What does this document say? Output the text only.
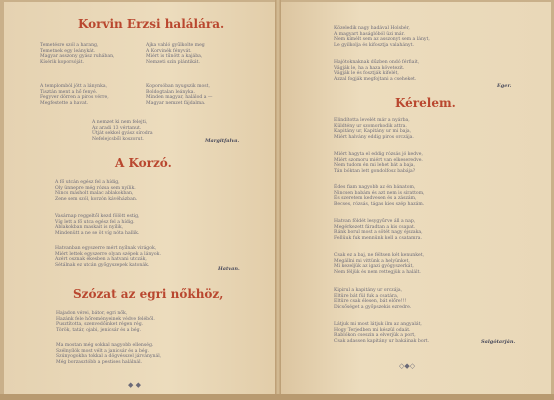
Korvin Erzsi halálára.

Temetésre szól a harang,
Temetnek egy leánykát.
Magyar asszony gyász ruhában,
Kísérik koporsóját.

Ajka vahló gyűlkolte meg
A Korvinék fényvát.
Miért is tűnött a kajába,
Nemzeti szín plántikát.

A templomból jött a lánynka,
Tisztán ment a hő fenyé.
Fegyver dörren a piros vérre,
Megfestette a havat.

Koporsóban nyugszik most,
Boldogtalan leányka.
Minden magyar, halálod a —
Magyar nemzet fájdalma.

A nemzet ki nem felejti,
Az aradi 13 vértanut.
Útját sekkel gyász sírodra
Nefelejcsből koszorut.	Margitfalva.

A Korzó.

A fő utcán egész fel a hídig,
Oly ünnepre még rózsa sem nyílik.
Nincs másholt malac ablakokban,
Zene sem szól, korzón kávéházban.

Vasárnap reggeltől kezd fölött estig,
Víg lett a fő utca egész fel a hídig.
Ablakokban maskait is nyílik,
Mindenütt a ne se öt víg nóta hallik.

Hatvanban egyszerre mért nyílnak virágok,
Miért lettek egyszerre olyan szépek a lányok.
Azért osznak ékesben a hatvani utczák,
Sétálnak ez utcán győgyszepek katonák.

Hatvan.

Szózat az egri nőkhöz,

Hajadon vérei, bátor, egri nők,
Hazánk fele hőreményeinek védve feléből.
Pusztította, szenvedőinket régen rég.
Török, tatár, ojabi, jenicsár és a bég.

Ma mostan még sokkal nagyobb ellenség.
Szélnyílók most vélt a janicsár és a bég.
Szúnyogokba tokkal a dögvésszel járványnál,
Még borzasztóbb a pestises halálnál.

◆ ◆

Közeledik nagy hadával Holsbér,
A magyart haságlóból üzi már.
Nem kímélt sem az asszonyt sem a lányt,
Le gyilkolja és kifosztja valahányt.

Hajótoknaknak dűzben ondó férfiait,
Vágják le, ha a haza követezit.
Vágják le és fosztják kifelét,
Azzal fogják megfojtani a cseheket.

Eger.

Kérelem.

Elindította levelét már a nyárba,
Küldtény ur szomorkodik attra.
Kapitány ur, Kapitány ur mi baja,
Miért halvány eddig piros orczája.

Miért hagyta el eddig rózsás jó kedve,
Miért szomoru miért van elkeseredve.
Nem tudom én mi lehet bát a baja,
Tán bóktan lett gondolfosz babája?

Édes fiam nagyobb az én bánatom,
Nincsen babám és azt nem is sirattom,
És szeretem kedvesen és a zászám,
Becses, rózsás, tágas kies szép hazám.

Hatvan földét lesygyűrve áll a nap,
Megérkezett fáradtan a kis csapat.
Ránk borul most a sötét nagy éjszaka,
Fellüuk fuk mennünk kell a csatamra.

Csak ez a baj, ne féltsen két kenunket,
Megállni mi vittünk a helyünket,
Mi kezeljük az igazi gyógyszerkát,
Nem féljük és nem rettegjük a halált.

Kipirul a kapitány ur orczája,
Eltüre bát fül fuk a csatára,
Eltüre csak élesen, bát előre!!!
Dicsőséget a győpszekis ezredre.

Látjuk mi most látjuk ilm az angyalát,
Hogy Terjedben mi készül odaát.
Rablókon cseszin a elverjük a port,
Csak adassen kapitány ur bakáinak bort.	Salgótarján.

◇◆◇
